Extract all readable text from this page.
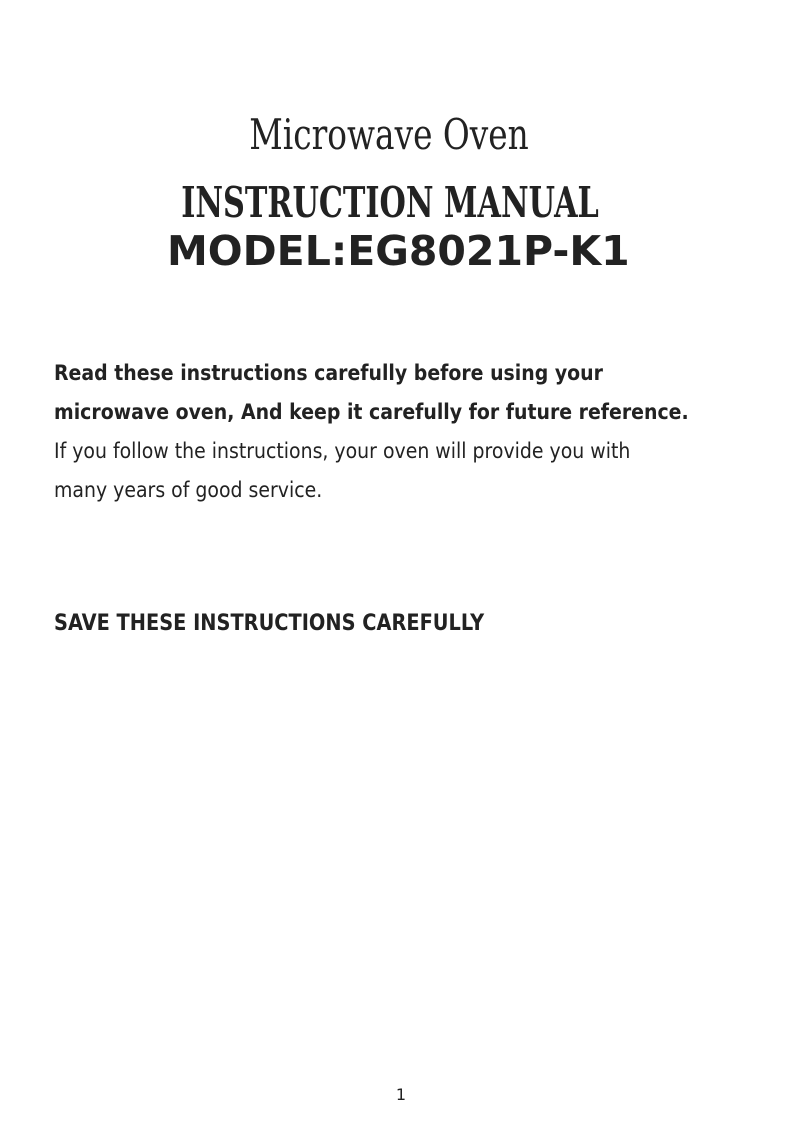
Microwave Oven
INSTRUCTION MANUAL
MODEL:EG8021P-K1
Read these instructions carefully before using your
microwave oven, And keep it carefully for future reference.
If you follow the instructions, your oven will provide you with
many years of good service.
SAVE THESE INSTRUCTIONS CAREFULLY
1
